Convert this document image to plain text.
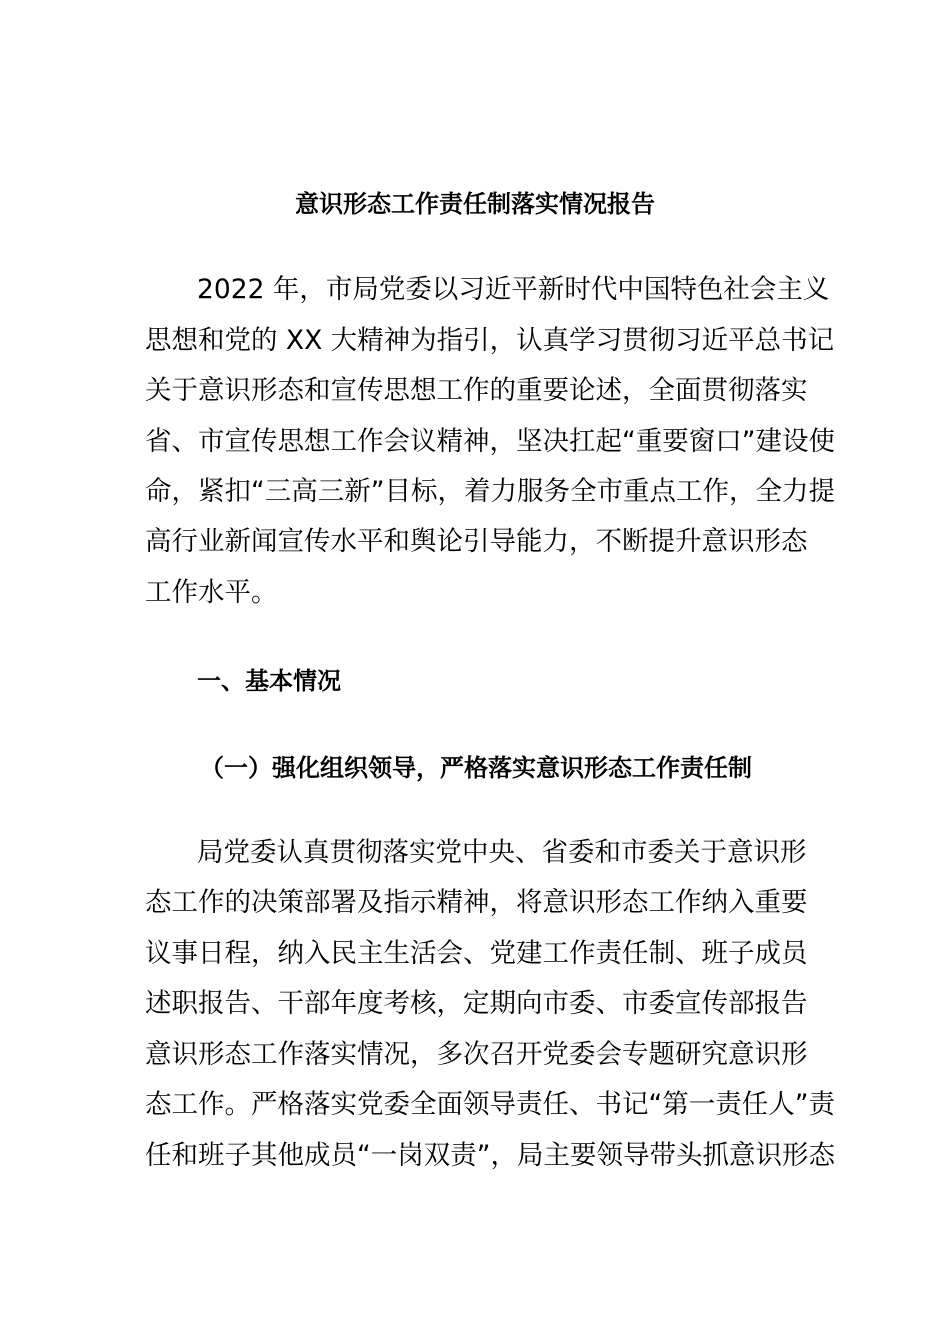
意识形态工作责任制落实情况报告
2022 年，市局党委以习近平新时代中国特色社会主义
思想和党的 XX 大精神为指引，认真学习贯彻习近平总书记
关于意识形态和宣传思想工作的重要论述，全面贯彻落实
省、市宣传思想工作会议精神，坚决扛起“重要窗口”建设使
命，紧扣“三高三新”目标，着力服务全市重点工作，全力提
高行业新闻宣传水平和舆论引导能力，不断提升意识形态
工作水平。
一、基本情况
（一）强化组织领导，严格落实意识形态工作责任制
局党委认真贯彻落实党中央、省委和市委关于意识形
态工作的决策部署及指示精神，将意识形态工作纳入重要
议事日程，纳入民主生活会、党建工作责任制、班子成员
述职报告、干部年度考核，定期向市委、市委宣传部报告
意识形态工作落实情况，多次召开党委会专题研究意识形
态工作。严格落实党委全面领导责任、书记“第一责任人”责
任和班子其他成员“一岗双责”，局主要领导带头抓意识形态
